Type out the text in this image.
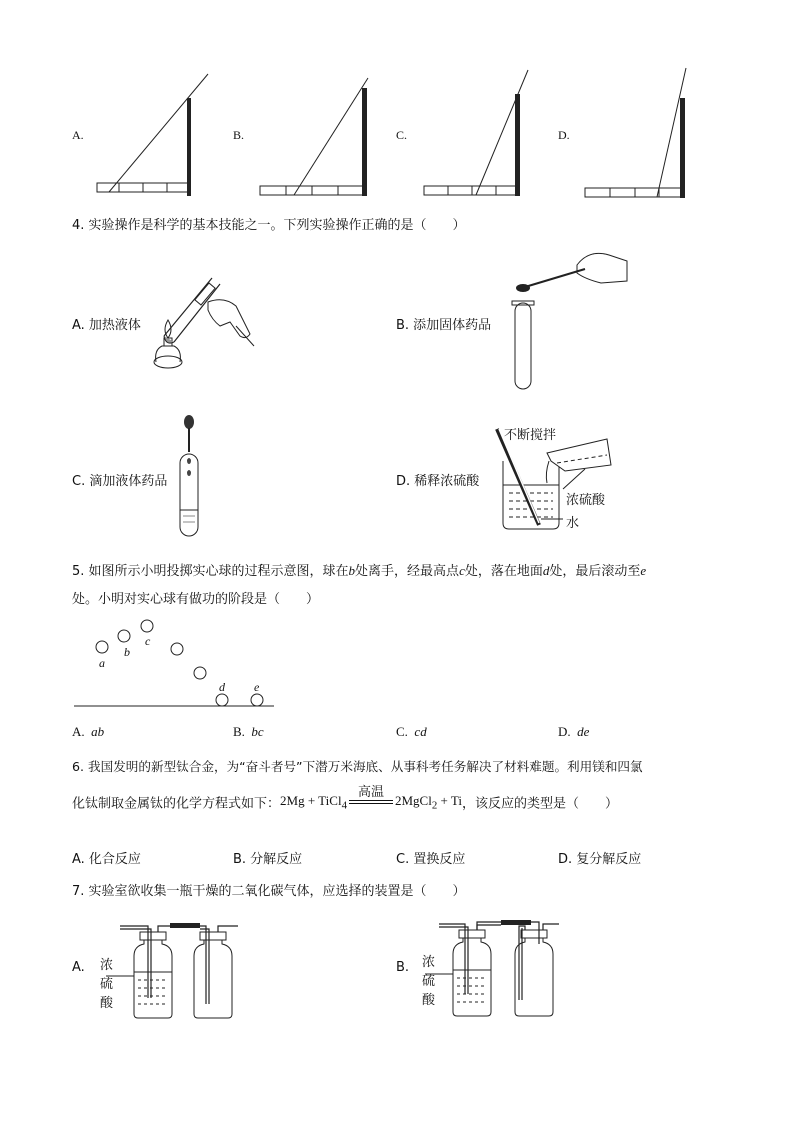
A.	B.	C.	D.
4. 实验操作是科学的基本技能之一。下列实验操作正确的是（　　）
A. 加热液体	B. 添加固体药品
C. 滴加液体药品	D. 稀释浓硫酸
不断搅拌
浓硫酸
水
5. 如图所示小明投掷实心球的过程示意图，球在b处离手，经最高点c处，落在地面d处，最后滚动至e
处。小明对实心球有做功的阶段是（　　）
a
b
c
d e
A. ab	B. bc	C. cd	D. de
6. 我国发明的新型钛合金，为“奋斗者号”下潜万米海底、从事科考任务解决了材料难题。利用镁和四氯
化钛制取金属钛的化学方程式如下：2Mg + TiCl$_4$
高温

2MgCl$_2$ + Ti，该反应的类型是（　　）
A. 化合反应	B. 分解反应	C. 置换反应	D. 复分解反应
7. 实验室欲收集一瓶干燥的二氧化碳气体，应选择的装置是（　　）
A. 浓
硫
酸
B. 浓
硫
酸
